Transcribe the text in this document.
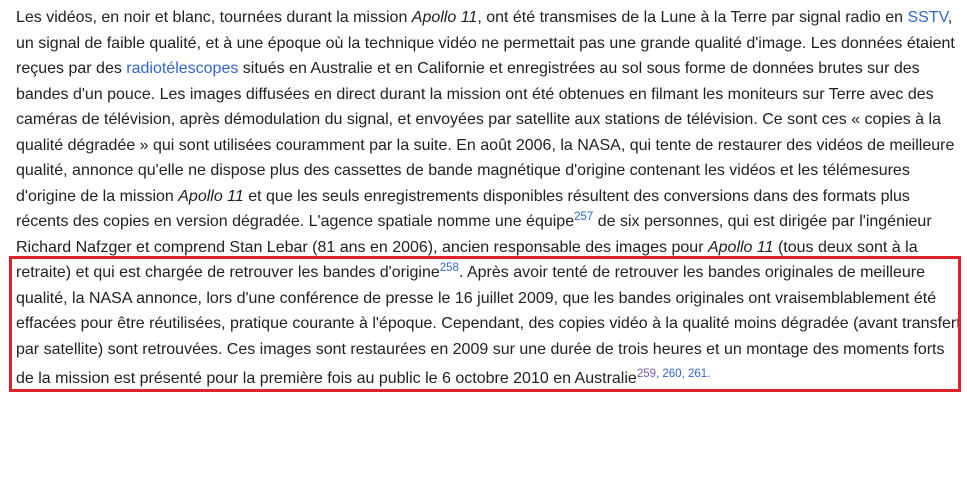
Les vidéos, en noir et blanc, tournées durant la mission Apollo 11, ont été transmises de la Lune à la Terre par signal radio en SSTV,
un signal de faible qualité, et à une époque où la technique vidéo ne permettait pas une grande qualité d'image. Les données étaient
reçues par des radiotélescopes situés en Australie et en Californie et enregistrées au sol sous forme de données brutes sur des
bandes d'un pouce. Les images diffusées en direct durant la mission ont été obtenues en filmant les moniteurs sur Terre avec des
caméras de télévision, après démodulation du signal, et envoyées par satellite aux stations de télévision. Ce sont ces « copies à la
qualité dégradée » qui sont utilisées couramment par la suite. En août 2006, la NASA, qui tente de restaurer des vidéos de meilleure
qualité, annonce qu'elle ne dispose plus des cassettes de bande magnétique d'origine contenant les vidéos et les télémesures
d'origine de la mission Apollo 11 et que les seuls enregistrements disponibles résultent des conversions dans des formats plus
récents des copies en version dégradée. L'agence spatiale nomme une équipe$^{257}$ de six personnes, qui est dirigée par l'ingénieur
Richard Nafzger et comprend Stan Lebar (81 ans en 2006), ancien responsable des images pour Apollo 11 (tous deux sont à la
retraite) et qui est chargée de retrouver les bandes d'origine$^{258}$. Après avoir tenté de retrouver les bandes originales de meilleure
qualité, la NASA annonce, lors d'une conférence de presse le 16 juillet 2009, que les bandes originales ont vraisemblablement été
effacées pour être réutilisées, pratique courante à l'époque. Cependant, des copies vidéo à la qualité moins dégradée (avant transfert
par satellite) sont retrouvées. Ces images sont restaurées en 2009 sur une durée de trois heures et un montage des moments forts
de la mission est présenté pour la première fois au public le 6 octobre 2010 en Australie$^{259,}$ $^{260,}$ $^{261.}$
